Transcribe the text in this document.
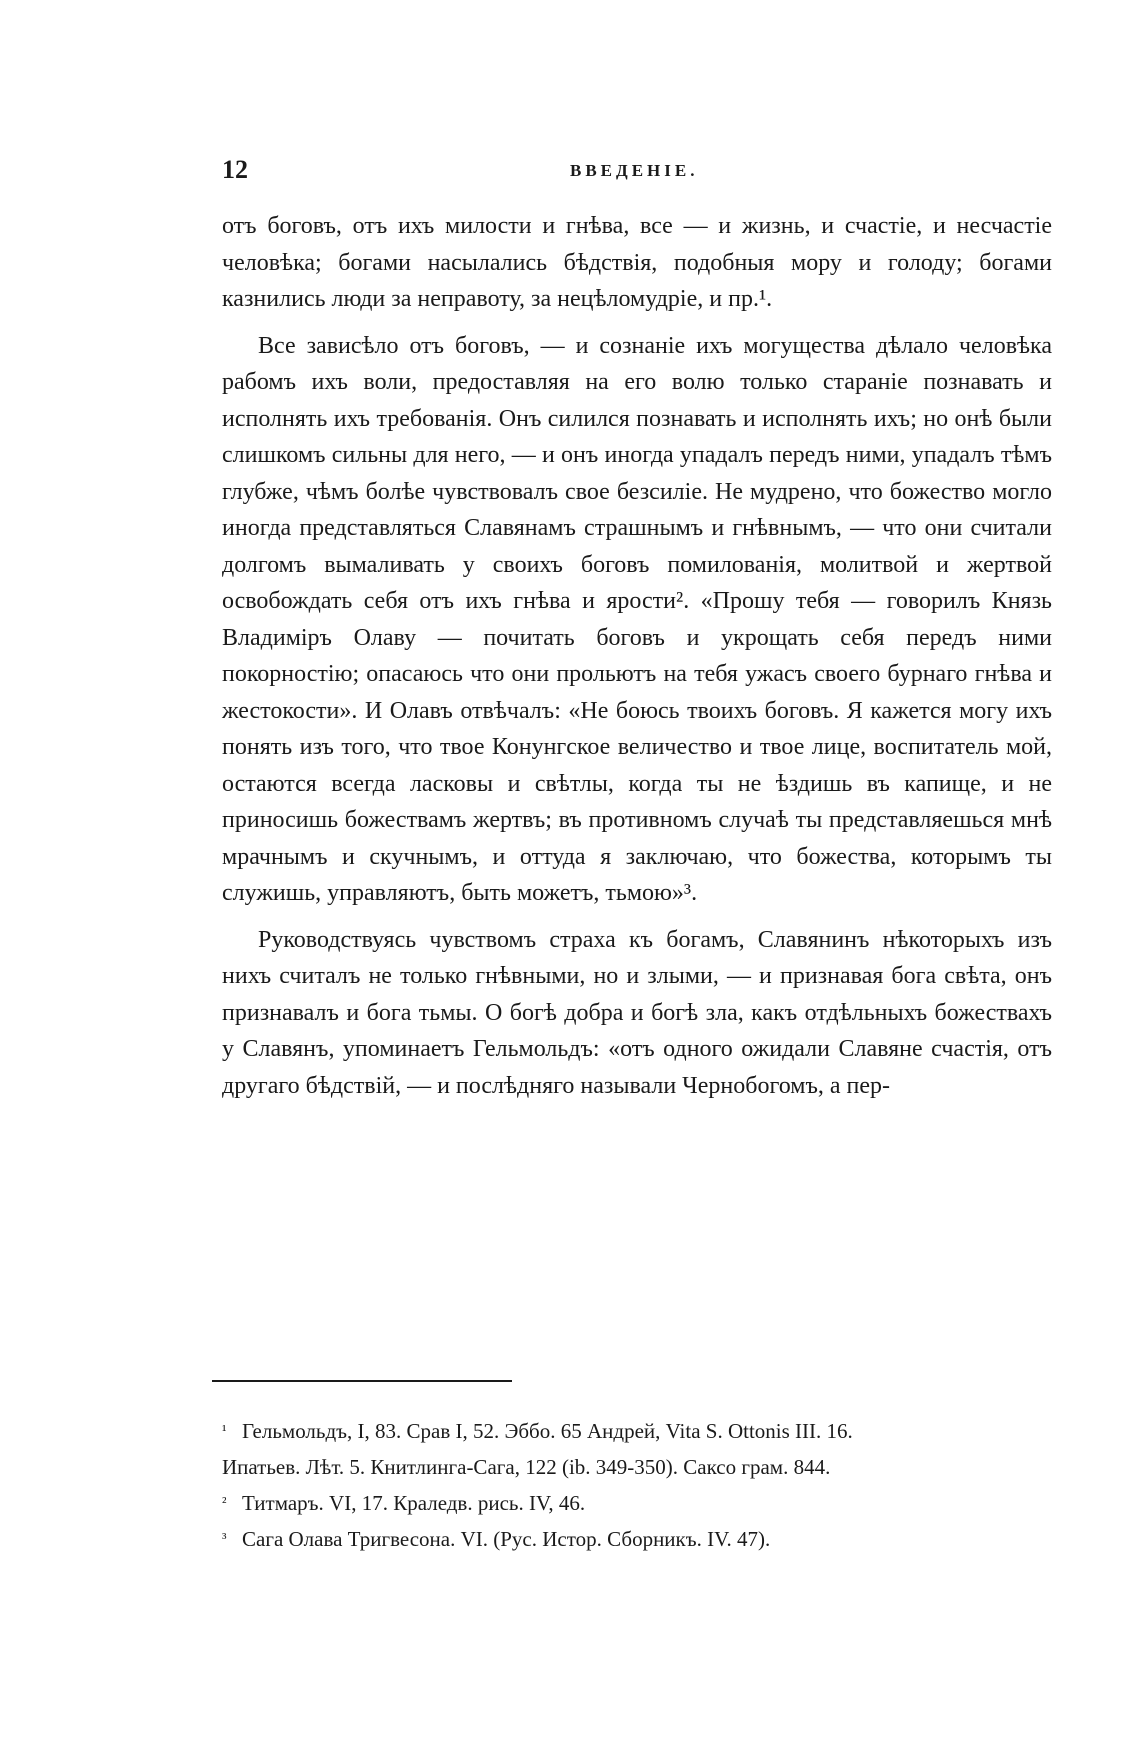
12	ВВЕДЕНІЕ.

отъ боговъ, отъ ихъ милости и гнѣва, все — и жизнь, и счастіе, и несчастіе человѣка; богами насылались бѣдствія, подобныя мору и голоду; богами казнились люди за неправоту, за нецѣломудріе, и пр.¹.

Все зависѣло отъ боговъ, — и сознаніе ихъ могущества дѣлало человѣка рабомъ ихъ воли, предоставляя на его волю только стараніе познавать и исполнять ихъ требованія. Онъ силился познавать и исполнять ихъ; но онѣ были слишкомъ сильны для него, — и онъ иногда упадалъ передъ ними, упадалъ тѣмъ глубже, чѣмъ болѣе чувствовалъ свое безсиліе. Не мудрено, что божество могло иногда представляться Славянамъ страшнымъ и гнѣвнымъ, — что они считали долгомъ вымаливать у своихъ боговъ помилованія, молитвой и жертвой освобождать себя отъ ихъ гнѣва и ярости². «Прошу тебя — говорилъ Князь Владиміръ Олаву — почитать боговъ и укрощать себя передъ ними покорностію; опасаюсь что они прольютъ на тебя ужасъ своего бурнаго гнѣва и жестокости». И Олавъ отвѣчалъ: «Не боюсь твоихъ боговъ. Я кажется могу ихъ понять изъ того, что твое Конунгское величество и твое лице, воспитатель мой, остаются всегда ласковы и свѣтлы, когда ты не ѣздишь въ капище, и не приносишь божествамъ жертвъ; въ противномъ случаѣ ты представляешься мнѣ мрачнымъ и скучнымъ, и оттуда я заключаю, что божества, которымъ ты служишь, управляютъ, быть можетъ, тьмою»³.

Руководствуясь чувствомъ страха къ богамъ, Славянинъ нѣкоторыхъ изъ нихъ считалъ не только гнѣвными, но и злыми, — и признавая бога свѣта, онъ признавалъ и бога тьмы. О богѣ добра и богѣ зла, какъ отдѣльныхъ божествахъ у Славянъ, упоминаетъ Гельмольдъ: «отъ одного ожидали Славяне счастія, отъ другаго бѣдствій, — и послѣдняго называли Чернобогомъ, а пер-

¹ Гельмольдъ, I, 83. Срав I, 52. Эббо. 65 Андрей, Vita S. Ottonis III. 16.

Ипатьев. Лѣт. 5. Книтлинга-Сага, 122 (ib. 349-350). Саксо грам. 844.

² Титмаръ. VI, 17. Краледв. рись. IV, 46.

³ Сага Олава Тригвесона. VI. (Рус. Истор. Сборникъ. IV. 47).
